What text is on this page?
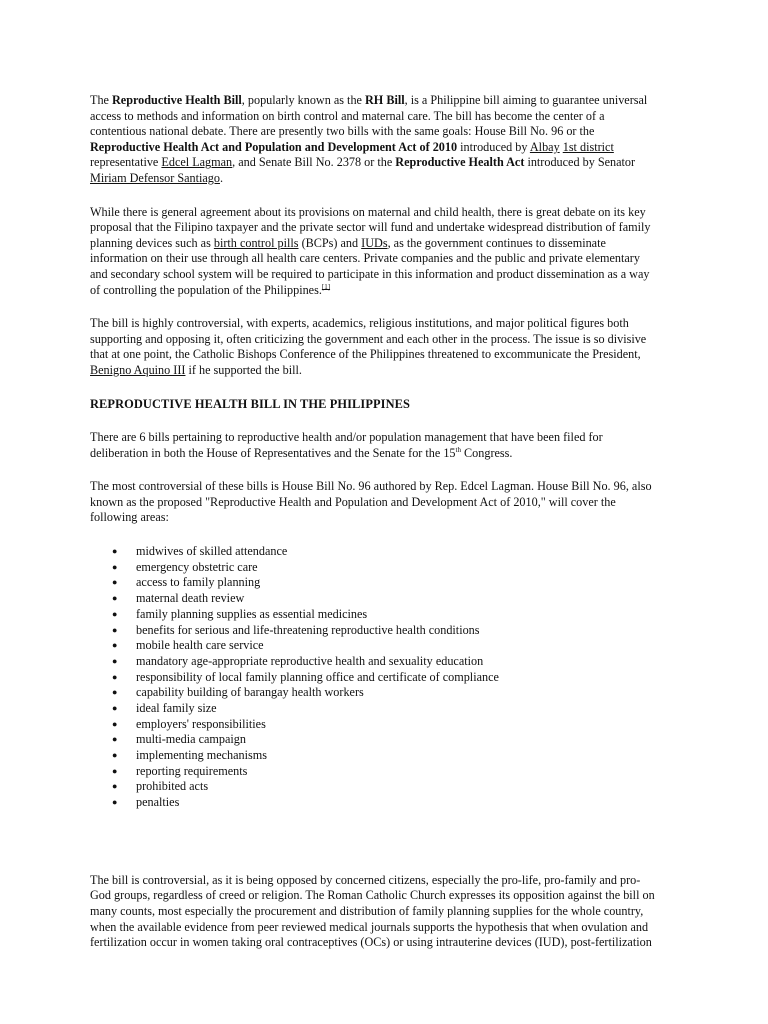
The Reproductive Health Bill, popularly known as the RH Bill, is a Philippine bill aiming to guarantee universal access to methods and information on birth control and maternal care. The bill has become the center of a contentious national debate. There are presently two bills with the same goals: House Bill No. 96 or the Reproductive Health Act and Population and Development Act of 2010 introduced by Albay 1st district representative Edcel Lagman, and Senate Bill No. 2378 or the Reproductive Health Act introduced by Senator Miriam Defensor Santiago.

While there is general agreement about its provisions on maternal and child health, there is great debate on its key proposal that the Filipino taxpayer and the private sector will fund and undertake widespread distribution of family planning devices such as birth control pills (BCPs) and IUDs, as the government continues to disseminate information on their use through all health care centers. Private companies and the public and private elementary and secondary school system will be required to participate in this information and product dissemination as a way of controlling the population of the Philippines.[1]

The bill is highly controversial, with experts, academics, religious institutions, and major political figures both supporting and opposing it, often criticizing the government and each other in the process. The issue is so divisive that at one point, the Catholic Bishops Conference of the Philippines threatened to excommunicate the President, Benigno Aquino III if he supported the bill.

REPRODUCTIVE HEALTH BILL IN THE PHILIPPINES

There are 6 bills pertaining to reproductive health and/or population management that have been filed for deliberation in both the House of Representatives and the Senate for the 15th Congress.

The most controversial of these bills is House Bill No. 96 authored by Rep. Edcel Lagman. House Bill No. 96, also known as the proposed "Reproductive Health and Population and Development Act of 2010," will cover the following areas:

● midwives of skilled attendance
● emergency obstetric care
● access to family planning
● maternal death review
● family planning supplies as essential medicines
● benefits for serious and life-threatening reproductive health conditions
● mobile health care service
● mandatory age-appropriate reproductive health and sexuality education
● responsibility of local family planning office and certificate of compliance
● capability building of barangay health workers
● ideal family size
● employers' responsibilities
● multi-media campaign
● implementing mechanisms
● reporting requirements
● prohibited acts
● penalties

The bill is controversial, as it is being opposed by concerned citizens, especially the pro-life, pro-family and pro-God groups, regardless of creed or religion. The Roman Catholic Church expresses its opposition against the bill on many counts, most especially the procurement and distribution of family planning supplies for the whole country, when the available evidence from peer reviewed medical journals supports the hypothesis that when ovulation and fertilization occur in women taking oral contraceptives (OCs) or using intrauterine devices (IUD), post-fertilization
